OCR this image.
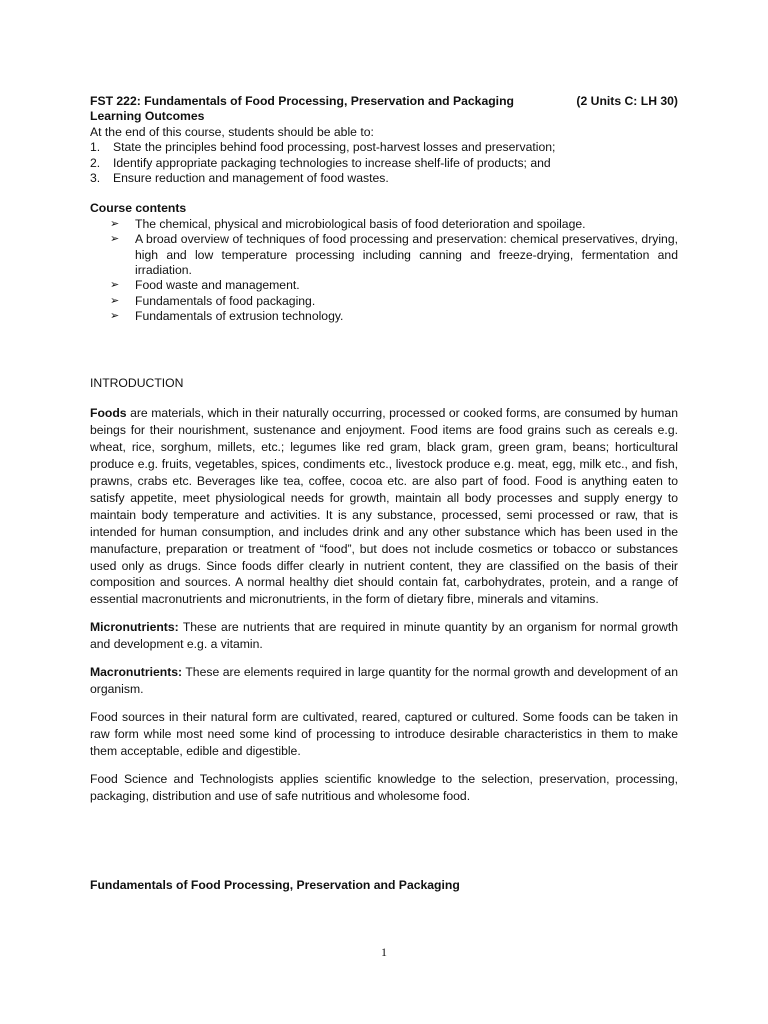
FST 222: Fundamentals of Food Processing, Preservation and Packaging	(2 Units C: LH 30)
Learning Outcomes
At the end of this course, students should be able to:
1.	State the principles behind food processing, post-harvest losses and preservation;
2.	Identify appropriate packaging technologies to increase shelf-life of products; and
3.	Ensure reduction and management of food wastes.
Course contents
➢	The chemical, physical and microbiological basis of food deterioration and spoilage.
➢	A broad overview of techniques of food processing and preservation: chemical preservatives, drying, high and low temperature processing including canning and freeze-drying, fermentation and irradiation.
➢	Food waste and management.
➢	Fundamentals of food packaging.
➢	Fundamentals of extrusion technology.
INTRODUCTION

Foods are materials, which in their naturally occurring, processed or cooked forms, are consumed by human beings for their nourishment, sustenance and enjoyment. Food items are food grains such as cereals e.g. wheat, rice, sorghum, millets, etc.; legumes like red gram, black gram, green gram, beans; horticultural produce e.g. fruits, vegetables, spices, condiments etc., livestock produce e.g. meat, egg, milk etc., and fish, prawns, crabs etc. Beverages like tea, coffee, cocoa etc. are also part of food. Food is anything eaten to satisfy appetite, meet physiological needs for growth, maintain all body processes and supply energy to maintain body temperature and activities. It is any substance, processed, semi processed or raw, that is intended for human consumption, and includes drink and any other substance which has been used in the manufacture, preparation or treatment of “food”, but does not include cosmetics or tobacco or substances used only as drugs. Since foods differ clearly in nutrient content, they are classified on the basis of their composition and sources. A normal healthy diet should contain fat, carbohydrates, protein, and a range of essential macronutrients and micronutrients, in the form of dietary fibre, minerals and vitamins.

Micronutrients: These are nutrients that are required in minute quantity by an organism for normal growth and development e.g. a vitamin.

Macronutrients: These are elements required in large quantity for the normal growth and development of an organism.

Food sources in their natural form are cultivated, reared, captured or cultured. Some foods can be taken in raw form while most need some kind of processing to introduce desirable characteristics in them to make them acceptable, edible and digestible.

Food Science and Technologists applies scientific knowledge to the selection, preservation, processing, packaging, distribution and use of safe nutritious and wholesome food.

Fundamentals of Food Processing, Preservation and Packaging
1
